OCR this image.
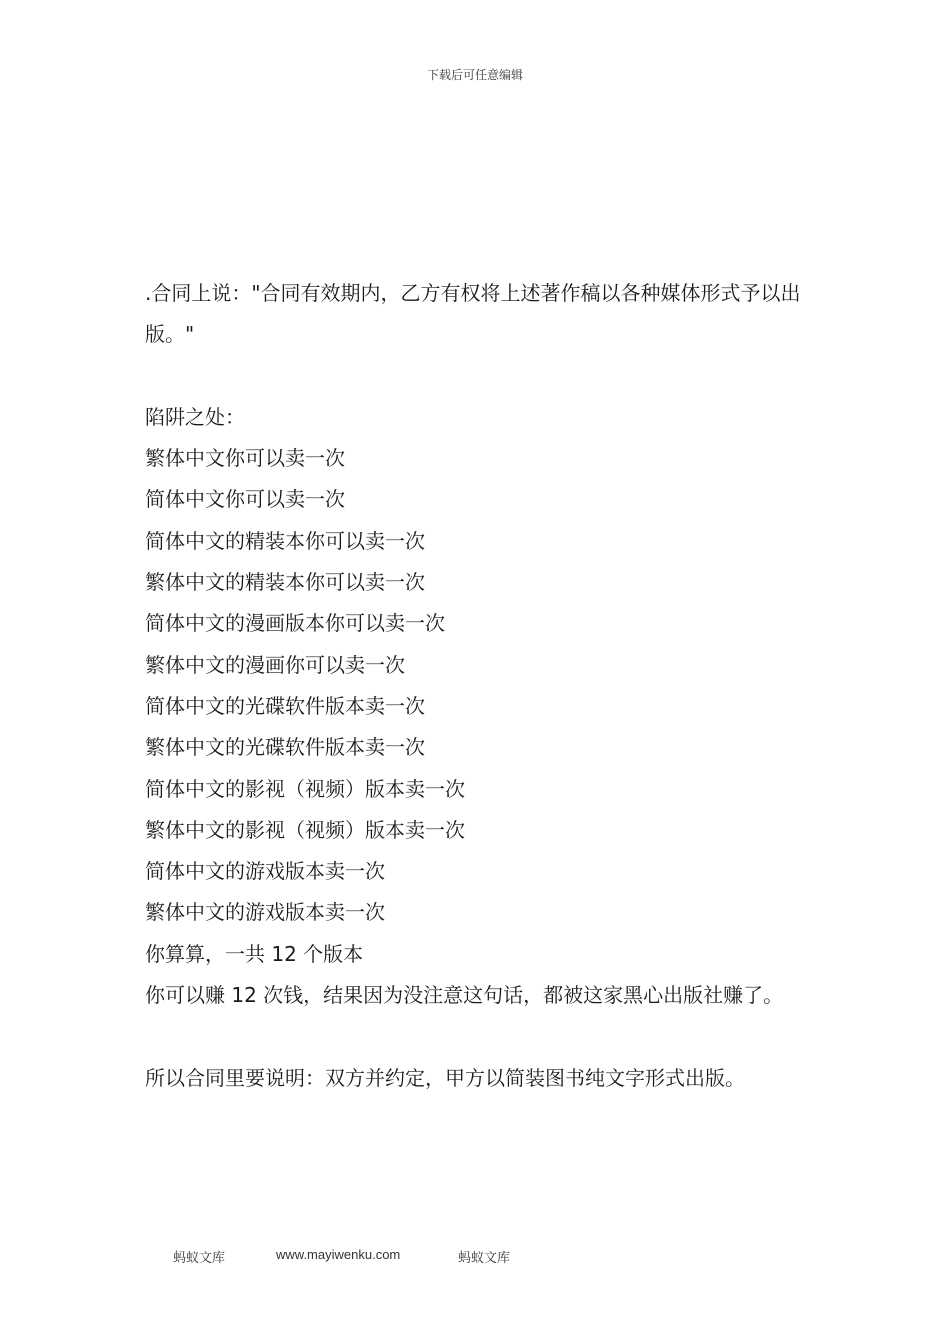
下载后可任意编辑

.合同上说："合同有效期内，乙方有权将上述著作稿以各种媒体形式予以出版。"

陷阱之处：

繁体中文你可以卖一次

简体中文你可以卖一次

简体中文的精装本你可以卖一次

繁体中文的精装本你可以卖一次

简体中文的漫画版本你可以卖一次

繁体中文的漫画你可以卖一次

简体中文的光碟软件版本卖一次

繁体中文的光碟软件版本卖一次

简体中文的影视（视频）版本卖一次

繁体中文的影视（视频）版本卖一次

简体中文的游戏版本卖一次

繁体中文的游戏版本卖一次

你算算，一共 12 个版本

你可以赚 12 次钱，结果因为没注意这句话，都被这家黑心出版社赚了。

所以合同里要说明：双方并约定，甲方以简装图书纯文字形式出版。

蚂蚁文库	www.mayiwenku.com	蚂蚁文库
